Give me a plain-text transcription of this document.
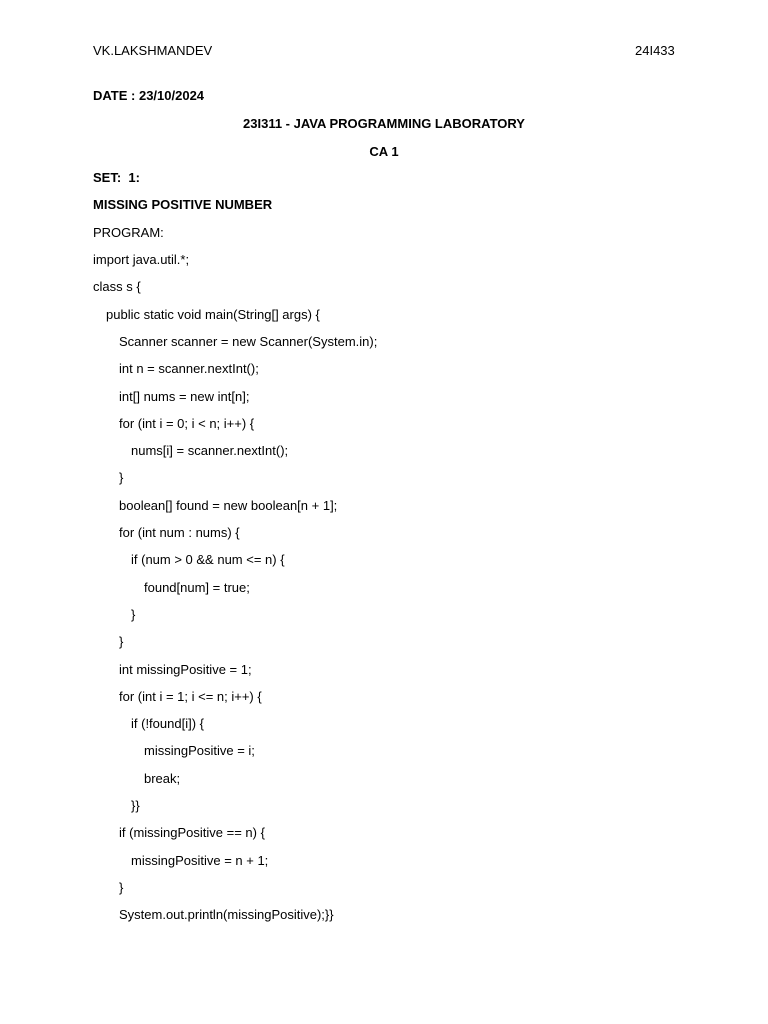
VK.LAKSHMANDEV	24I433
DATE : 23/10/2024
23I311 - JAVA PROGRAMMING LABORATORY
CA 1
SET:  1:
MISSING POSITIVE NUMBER
PROGRAM:
import java.util.*;
class s {
public static void main(String[] args) {
Scanner scanner = new Scanner(System.in);
int n = scanner.nextInt();
int[] nums = new int[n];
for (int i = 0; i < n; i++) {
nums[i] = scanner.nextInt();
}
boolean[] found = new boolean[n + 1];
for (int num : nums) {
if (num > 0 && num <= n) {
found[num] = true;
}
}
int missingPositive = 1;
for (int i = 1; i <= n; i++) {
if (!found[i]) {
missingPositive = i;
break;
}}
if (missingPositive == n) {
missingPositive = n + 1;
}
System.out.println(missingPositive);}}
